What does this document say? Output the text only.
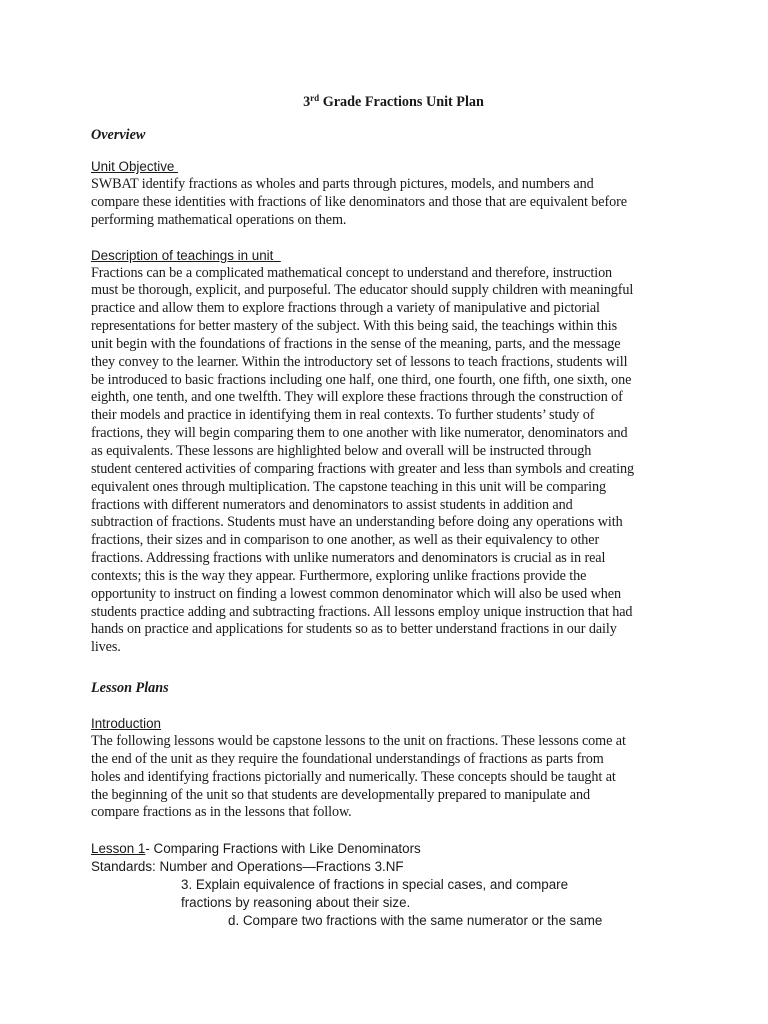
3rd Grade Fractions Unit Plan
Overview
Unit Objective
SWBAT identify fractions as wholes and parts through pictures, models, and numbers and
compare these identities with fractions of like denominators and those that are equivalent before
performing mathematical operations on them.
Description of teachings in unit
Fractions can be a complicated mathematical concept to understand and therefore, instruction
must be thorough, explicit, and purposeful. The educator should supply children with meaningful
practice and allow them to explore fractions through a variety of manipulative and pictorial
representations for better mastery of the subject. With this being said, the teachings within this
unit begin with the foundations of fractions in the sense of the meaning, parts, and the message
they convey to the learner. Within the introductory set of lessons to teach fractions, students will
be introduced to basic fractions including one half, one third, one fourth, one fifth, one sixth, one
eighth, one tenth, and one twelfth. They will explore these fractions through the construction of
their models and practice in identifying them in real contexts. To further students’ study of
fractions, they will begin comparing them to one another with like numerator, denominators and
as equivalents. These lessons are highlighted below and overall will be instructed through
student centered activities of comparing fractions with greater and less than symbols and creating
equivalent ones through multiplication. The capstone teaching in this unit will be comparing
fractions with different numerators and denominators to assist students in addition and
subtraction of fractions. Students must have an understanding before doing any operations with
fractions, their sizes and in comparison to one another, as well as their equivalency to other
fractions. Addressing fractions with unlike numerators and denominators is crucial as in real
contexts; this is the way they appear. Furthermore, exploring unlike fractions provide the
opportunity to instruct on finding a lowest common denominator which will also be used when
students practice adding and subtracting fractions. All lessons employ unique instruction that had
hands on practice and applications for students so as to better understand fractions in our daily
lives.
Lesson Plans
Introduction
The following lessons would be capstone lessons to the unit on fractions. These lessons come at
the end of the unit as they require the foundational understandings of fractions as parts from
holes and identifying fractions pictorially and numerically. These concepts should be taught at
the beginning of the unit so that students are developmentally prepared to manipulate and
compare fractions as in the lessons that follow.
Lesson 1- Comparing Fractions with Like Denominators
Standards: Number and Operations—Fractions 3.NF
3. Explain equivalence of fractions in special cases, and compare
fractions by reasoning about their size.
d. Compare two fractions with the same numerator or the same
